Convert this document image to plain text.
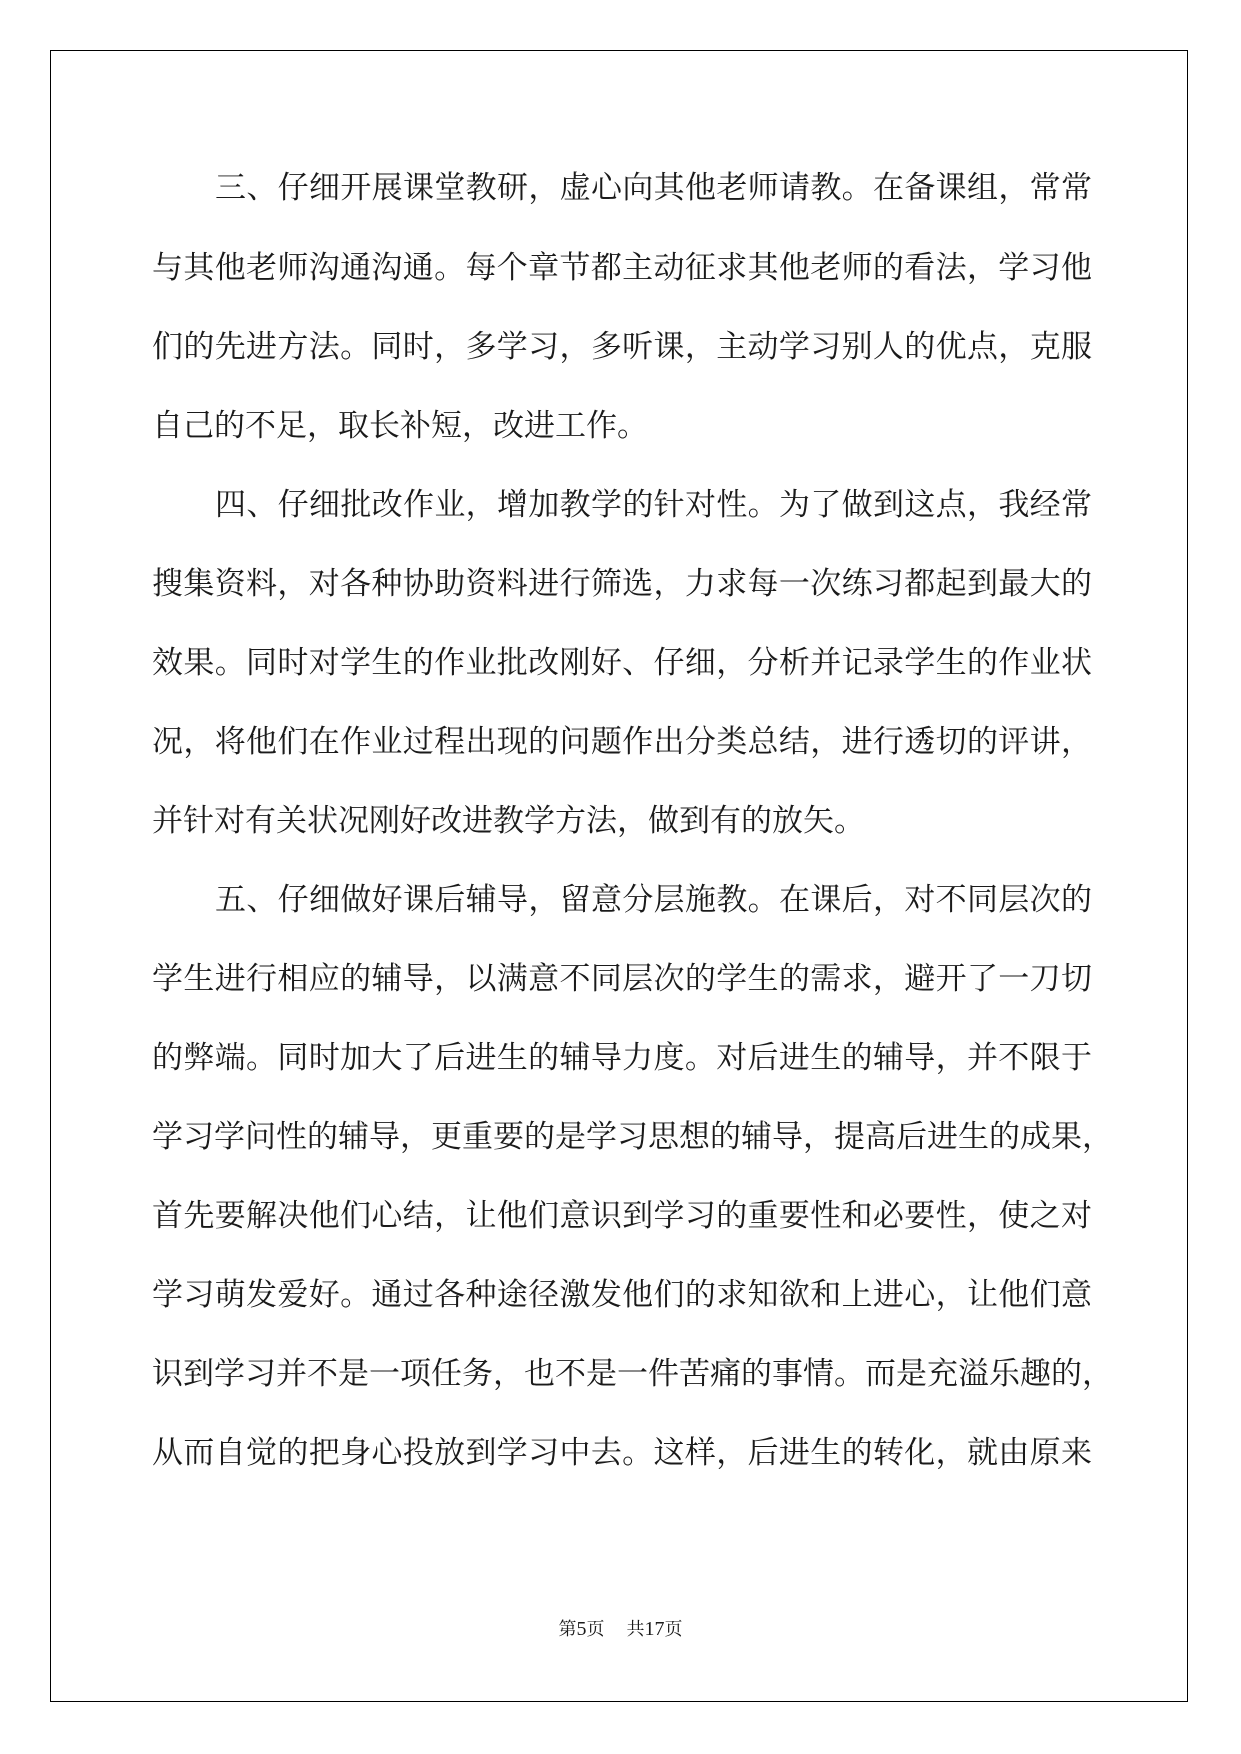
三、仔细开展课堂教研，虚心向其他老师请教。在备课组，常常
与其他老师沟通沟通。每个章节都主动征求其他老师的看法，学习他
们的先进方法。同时，多学习，多听课，主动学习别人的优点，克服
自己的不足，取长补短，改进工作。
四、仔细批改作业，增加教学的针对性。为了做到这点，我经常
搜集资料，对各种协助资料进行筛选，力求每一次练习都起到最大的
效果。同时对学生的作业批改刚好、仔细，分析并记录学生的作业状
况，将他们在作业过程出现的问题作出分类总结，进行透切的评讲，
并针对有关状况刚好改进教学方法，做到有的放矢。
五、仔细做好课后辅导，留意分层施教。在课后，对不同层次的
学生进行相应的辅导，以满意不同层次的学生的需求，避开了一刀切
的弊端。同时加大了后进生的辅导力度。对后进生的辅导，并不限于
学习学问性的辅导，更重要的是学习思想的辅导，提高后进生的成果，
首先要解决他们心结，让他们意识到学习的重要性和必要性，使之对
学习萌发爱好。通过各种途径激发他们的求知欲和上进心，让他们意
识到学习并不是一项任务，也不是一件苦痛的事情。而是充溢乐趣的，
从而自觉的把身心投放到学习中去。这样，后进生的转化，就由原来
第5页 共17页
